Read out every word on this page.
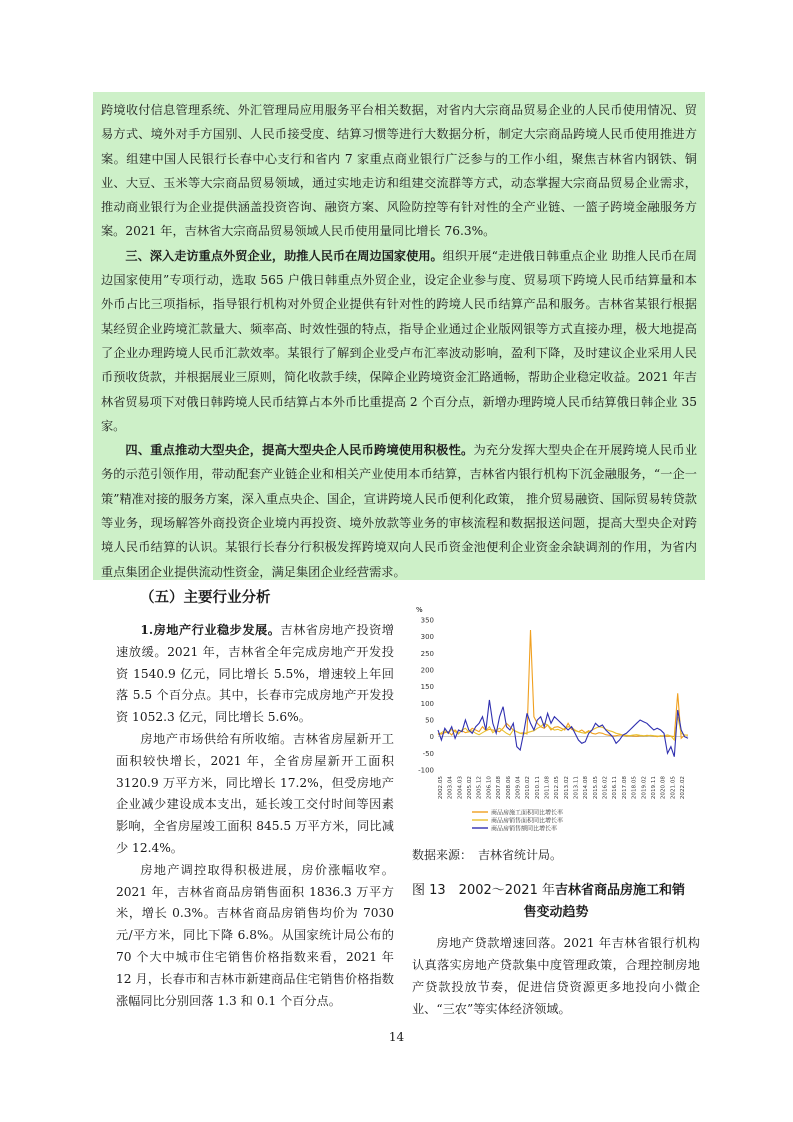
跨境收付信息管理系统、外汇管理局应用服务平台相关数据，对省内大宗商品贸易企业的人民币使用情况、贸易方式、境外对手方国别、人民币接受度、结算习惯等进行大数据分析，制定大宗商品跨境人民币使用推进方案。组建中国人民银行长春中心支行和省内 7 家重点商业银行广泛参与的工作小组，聚焦吉林省内钢铁、铜业、大豆、玉米等大宗商品贸易领域，通过实地走访和组建交流群等方式，动态掌握大宗商品贸易企业需求，推动商业银行为企业提供涵盖投资咨询、融资方案、风险防控等有针对性的全产业链、一篮子跨境金融服务方案。2021 年，吉林省大宗商品贸易领域人民币使用量同比增长 76.3%。

三、深入走访重点外贸企业，助推人民币在周边国家使用。组织开展“走进俄日韩重点企业 助推人民币在周边国家使用”专项行动，选取 565 户俄日韩重点外贸企业，设定企业参与度、贸易项下跨境人民币结算量和本外币占比三项指标，指导银行机构对外贸企业提供有针对性的跨境人民币结算产品和服务。吉林省某银行根据某经贸企业跨境汇款量大、频率高、时效性强的特点，指导企业通过企业版网银等方式直接办理，极大地提高了企业办理跨境人民币汇款效率。某银行了解到企业受卢布汇率波动影响，盈利下降，及时建议企业采用人民币预收货款，并根据展业三原则，简化收款手续，保障企业跨境资金汇路通畅，帮助企业稳定收益。2021 年吉林省贸易项下对俄日韩跨境人民币结算占本外币比重提高 2 个百分点，新增办理跨境人民币结算俄日韩企业 35 家。

四、重点推动大型央企，提高大型央企人民币跨境使用积极性。为充分发挥大型央企在开展跨境人民币业务的示范引领作用，带动配套产业链企业和相关产业使用本币结算，吉林省内银行机构下沉金融服务，“一企一策”精准对接的服务方案，深入重点央企、国企，宣讲跨境人民币便利化政策， 推介贸易融资、国际贸易转贷款等业务，现场解答外商投资企业境内再投资、境外放款等业务的审核流程和数据报送问题，提高大型央企对跨境人民币结算的认识。某银行长春分行积极发挥跨境双向人民币资金池便利企业资金余缺调剂的作用，为省内重点集团企业提供流动性资金，满足集团企业经营需求。

（五）主要行业分析

1.房地产行业稳步发展。吉林省房地产投资增速放缓。2021 年，吉林省全年完成房地产开发投资 1540.9 亿元，同比增长 5.5%，增速较上年回落 5.5 个百分点。其中，长春市完成房地产开发投资 1052.3 亿元，同比增长 5.6%。

房地产市场供给有所收缩。吉林省房屋新开工面积较快增长，2021 年，全省房屋新开工面积 3120.9 万平方米，同比增长 17.2%，但受房地产企业减少建设成本支出，延长竣工交付时间等因素影响，全省房屋竣工面积 845.5 万平方米，同比减少 12.4%。

房地产调控取得积极进展，房价涨幅收窄。2021 年，吉林省商品房销售面积 1836.3 万平方米，增长 0.3%。吉林省商品房销售均价为 7030 元/平方米，同比下降 6.8%。从国家统计局公布的 70 个大中城市住宅销售价格指数来看，2021 年 12 月，长春市和吉林市新建商品住宅销售价格指数涨幅同比分别回落 1.3 和 0.1 个百分点。

%
-100
-50
0
50
100
150
200
250
300
350
2002.05 2003.04 2004.03 2005.02 2005.12 2006.10 2007.08 2008.06 2009.04 2010.02 2010.11 2011.08 2012.05 2013.02 2013.11 2014.08 2015.05 2016.02 2016.11 2017.08 2018.05 2019.02 2019.11 2020.08 2021.05 2022.02
商品房施工面积同比增长率
商品房销售面积同比增长率
商品房销售额同比增长率
数据来源：　吉林省统计局。
图 13　2002～2021 年吉林省商品房施工和销
售变动趋势

房地产贷款增速回落。2021 年吉林省银行机构认真落实房地产贷款集中度管理政策，合理控制房地产贷款投放节奏，促进信贷资源更多地投向小微企业、“三农”等实体经济领域。

14
